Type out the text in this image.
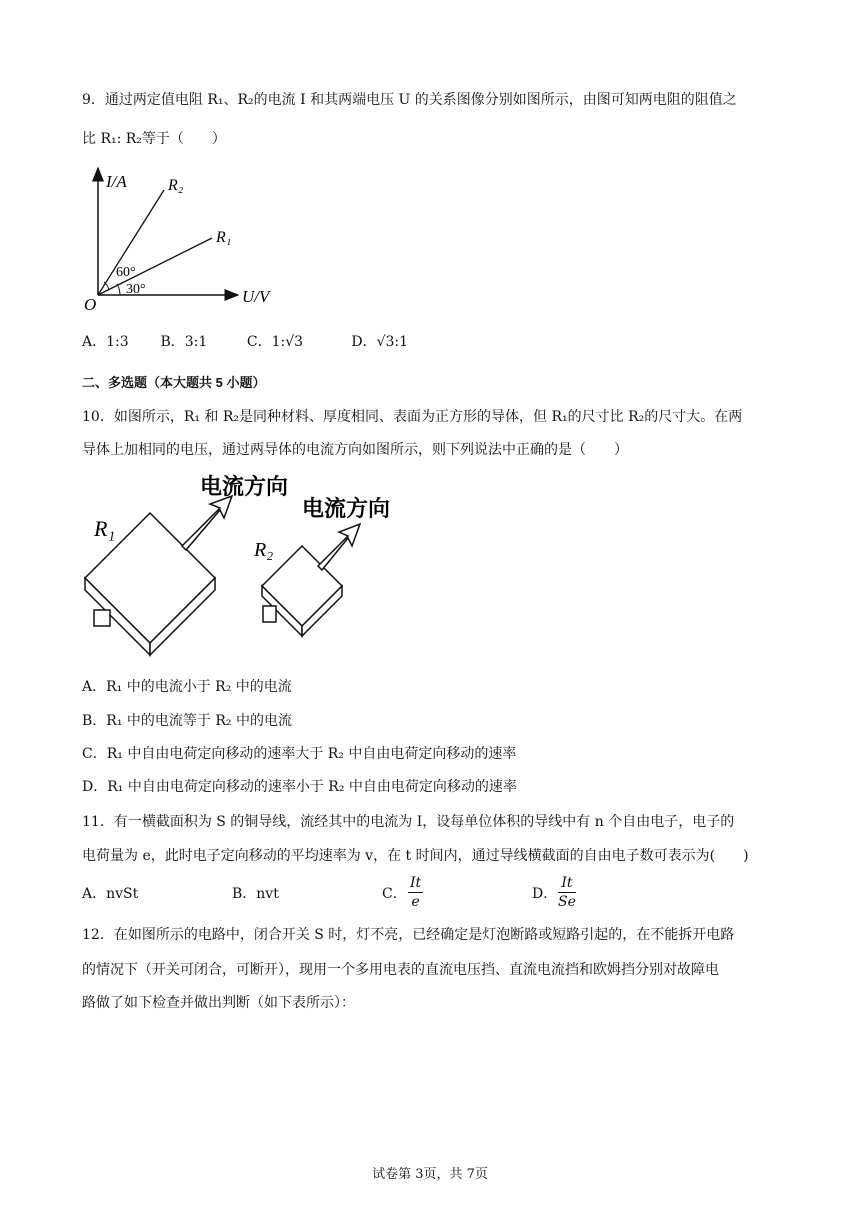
9．通过两定值电阻 R₁、R₂的电流 I 和其两端电压 U 的关系图像分别如图所示，由图可知两电阻的阻值之
比 R₁: R₂等于（　　）
I/A
U/V
O
R₂
R₁
60°
30°
A．1:3 B．3:1	C．1:√3	D．√3:1
二、多选题（本大题共 5 小题）
10．如图所示，R₁ 和 R₂是同种材料、厚度相同、表面为正方形的导体，但 R₁的尺寸比 R₂的尺寸大。在两
导体上加相同的电压，通过两导体的电流方向如图所示，则下列说法中正确的是（　　）
R₁
R₂
电流方向
电流方向
A．R₁ 中的电流小于 R₂ 中的电流
B．R₁ 中的电流等于 R₂ 中的电流
C．R₁ 中自由电荷定向移动的速率大于 R₂ 中自由电荷定向移动的速率
D．R₁ 中自由电荷定向移动的速率小于 R₂ 中自由电荷定向移动的速率
11．有一横截面积为 S 的铜导线，流经其中的电流为 I，设每单位体积的导线中有 n 个自由电子，电子的
电荷量为 e，此时电子定向移动的平均速率为 v，在 t 时间内，通过导线横截面的自由电子数可表示为(　　)
A．nvSt	B．nvt	C． $\frac{It}{e}$	D． $\frac{It}{Se}$
12．在如图所示的电路中，闭合开关 S 时，灯不亮，已经确定是灯泡断路或短路引起的，在不能拆开电路
的情况下（开关可闭合，可断开），现用一个多用电表的直流电压挡、直流电流挡和欧姆挡分别对故障电
路做了如下检查并做出判断（如下表所示）：
试卷第 3页，共 7页
